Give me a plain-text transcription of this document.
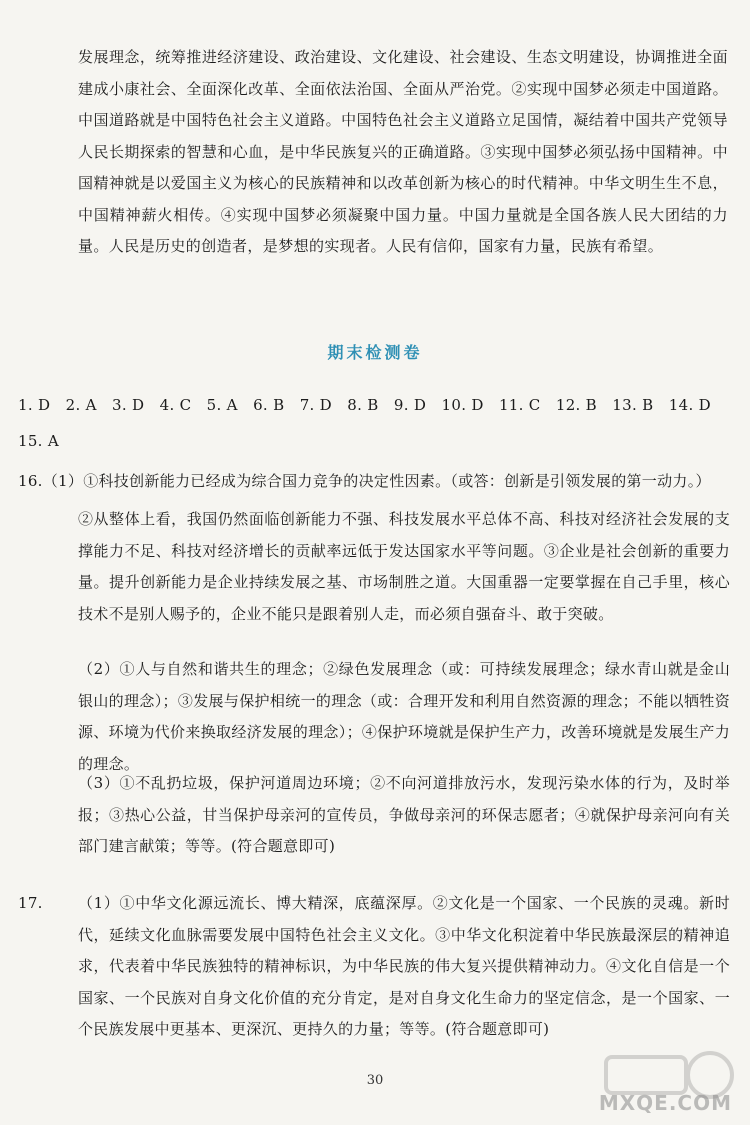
发展理念，统筹推进经济建设、政治建设、文化建设、社会建设、生态文明建设，协调推进全面建成小康社会、全面深化改革、全面依法治国、全面从严治党。②实现中国梦必须走中国道路。中国道路就是中国特色社会主义道路。中国特色社会主义道路立足国情，凝结着中国共产党领导人民长期探索的智慧和心血，是中华民族复兴的正确道路。③实现中国梦必须弘扬中国精神。中国精神就是以爱国主义为核心的民族精神和以改革创新为核心的时代精神。中华文明生生不息，中国精神薪火相传。④实现中国梦必须凝聚中国力量。中国力量就是全国各族人民大团结的力量。人民是历史的创造者，是梦想的实现者。人民有信仰，国家有力量，民族有希望。

期末检测卷

1. D　2. A　3. D　4. C　5. A　6. B　7. D　8. B　9. D　10. D　11. C　12. B　13. B　14. D

15. A

16.（1）①科技创新能力已经成为综合国力竞争的决定性因素。（或答：创新是引领发展的第一动力。）

②从整体上看，我国仍然面临创新能力不强、科技发展水平总体不高、科技对经济社会发展的支撑能力不足、科技对经济增长的贡献率远低于发达国家水平等问题。③企业是社会创新的重要力量。提升创新能力是企业持续发展之基、市场制胜之道。大国重器一定要掌握在自己手里，核心技术不是别人赐予的，企业不能只是跟着别人走，而必须自强奋斗、敢于突破。

（2）①人与自然和谐共生的理念；②绿色发展理念（或：可持续发展理念；绿水青山就是金山银山的理念）；③发展与保护相统一的理念（或：合理开发和利用自然资源的理念；不能以牺牲资源、环境为代价来换取经济发展的理念）；④保护环境就是保护生产力，改善环境就是发展生产力的理念。

（3）①不乱扔垃圾，保护河道周边环境；②不向河道排放污水，发现污染水体的行为，及时举报；③热心公益，甘当保护母亲河的宣传员，争做母亲河的环保志愿者；④就保护母亲河向有关部门建言献策；等等。(符合题意即可)

17.	（1）①中华文化源远流长、博大精深，底蕴深厚。②文化是一个国家、一个民族的灵魂。新时代，延续文化血脉需要发展中国特色社会主义文化。③中华文化积淀着中华民族最深层的精神追求，代表着中华民族独特的精神标识，为中华民族的伟大复兴提供精神动力。④文化自信是一个国家、一个民族对自身文化价值的充分肯定，是对自身文化生命力的坚定信念，是一个国家、一个民族发展中更基本、更深沉、更持久的力量；等等。(符合题意即可)

30
MXQE.COM
